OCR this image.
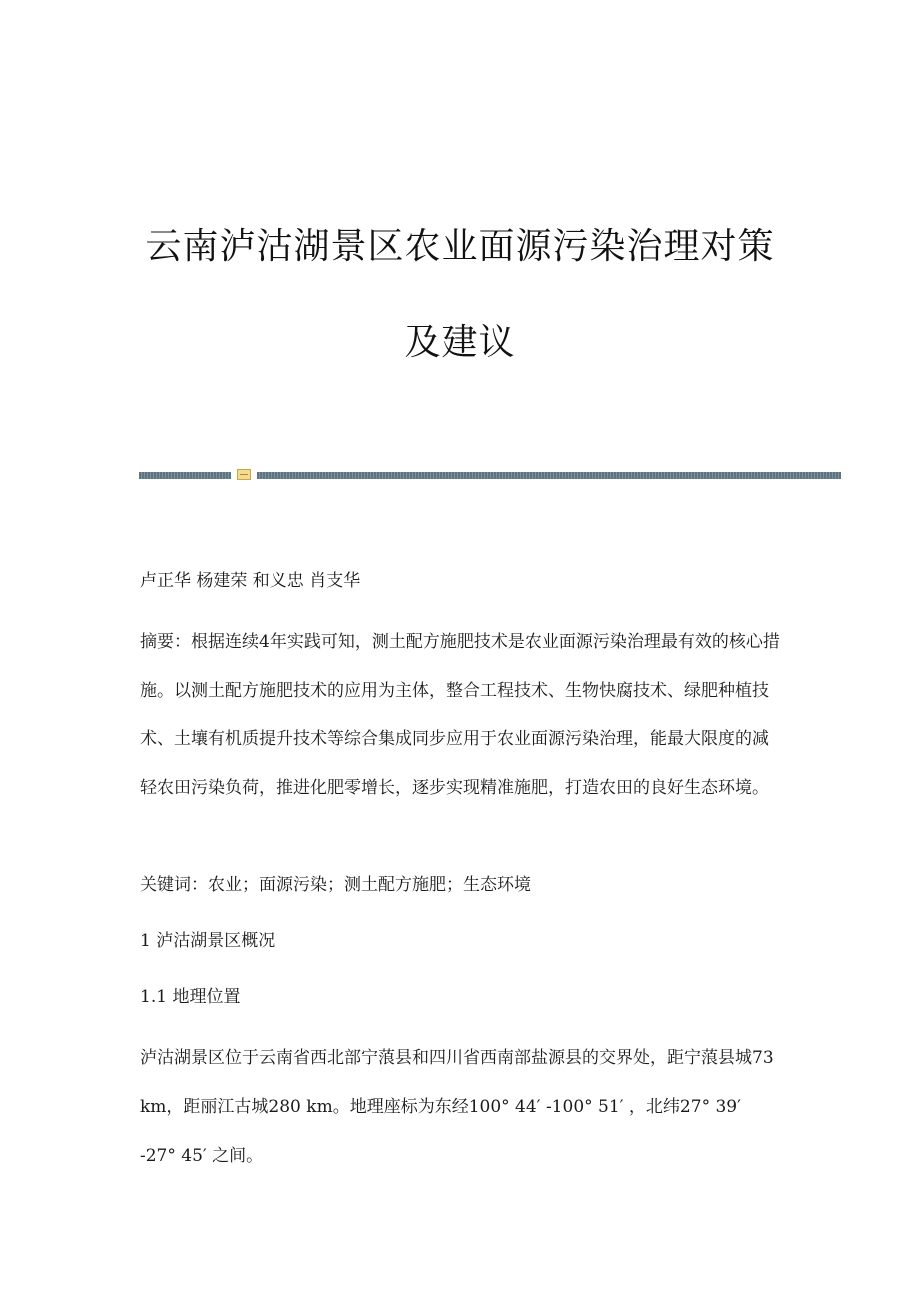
云南泸沽湖景区农业面源污染治理对策
及建议

卢正华 杨建荣 和义忠 肖支华

摘要：根据连续4年实践可知，测土配方施肥技术是农业面源污染治理最有效的核心措施。以测土配方施肥技术的应用为主体，整合工程技术、生物快腐技术、绿肥种植技术、土壤有机质提升技术等综合集成同步应用于农业面源污染治理，能最大限度的减轻农田污染负荷，推进化肥零增长，逐步实现精准施肥，打造农田的良好生态环境。

关键词：农业；面源污染；测土配方施肥；生态环境

1 泸沽湖景区概况

1.1 地理位置

泸沽湖景区位于云南省西北部宁蒗县和四川省西南部盐源县的交界处，距宁蒗县城73 km，距丽江古城280 km。地理座标为东经100° 44′ -100° 51′ ，北纬27° 39′ -27° 45′ 之间。
